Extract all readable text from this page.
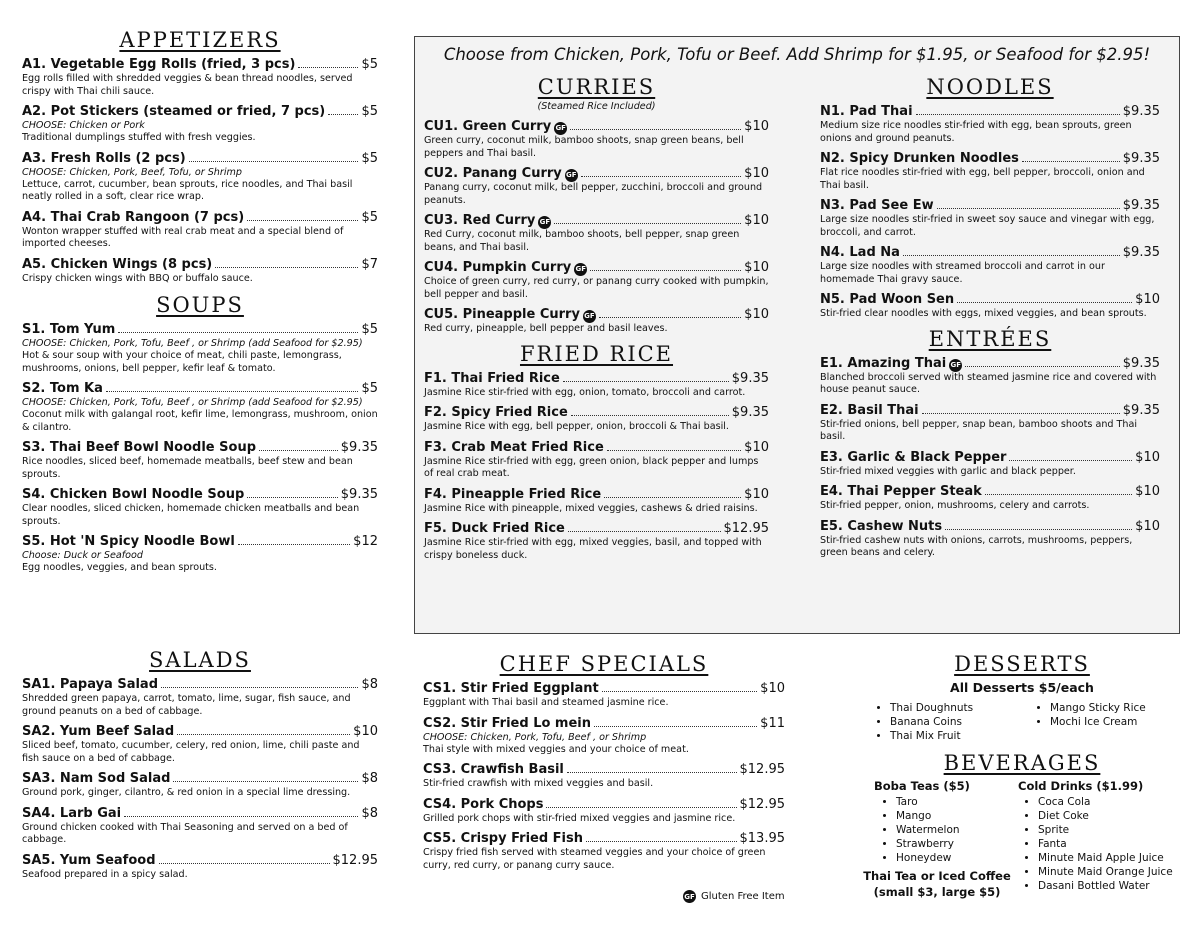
APPETIZERS
A1. Vegetable Egg Rolls (fried, 3 pcs)	$5
Egg rolls filled with shredded veggies & bean thread noodles, served crispy with Thai chili sauce.
A2. Pot Stickers (steamed or fried, 7 pcs)	$5
CHOOSE: Chicken or Pork
Traditional dumplings stuffed with fresh veggies.
A3. Fresh Rolls (2 pcs)	$5
CHOOSE: Chicken, Pork, Beef, Tofu, or Shrimp
Lettuce, carrot, cucumber, bean sprouts, rice noodles, and Thai basil neatly rolled in a soft, clear rice wrap.
A4. Thai Crab Rangoon (7 pcs)	$5
Wonton wrapper stuffed with real crab meat and a special blend of imported cheeses.
A5. Chicken Wings (8 pcs)	$7
Crispy chicken wings with BBQ or buffalo sauce.
SOUPS
S1. Tom Yum	$5
CHOOSE: Chicken, Pork, Tofu, Beef , or Shrimp (add Seafood for $2.95)
Hot & sour soup with your choice of meat, chili paste, lemongrass, mushrooms, onions, bell pepper, kefir leaf & tomato.
S2. Tom Ka	$5
CHOOSE: Chicken, Pork, Tofu, Beef , or Shrimp (add Seafood for $2.95)
Coconut milk with galangal root, kefir lime, lemongrass, mushroom, onion & cilantro.
S3. Thai Beef Bowl Noodle Soup	$9.35
Rice noodles, sliced beef, homemade meatballs, beef stew and bean sprouts.
S4. Chicken Bowl Noodle Soup	$9.35
Clear noodles, sliced chicken, homemade chicken meatballs and bean sprouts.
S5. Hot 'N Spicy Noodle Bowl	$12
Choose: Duck or Seafood
Egg noodles, veggies, and bean sprouts.
SALADS
SA1. Papaya Salad	$8
Shredded green papaya, carrot, tomato, lime, sugar, fish sauce, and ground peanuts on a bed of cabbage.
SA2. Yum Beef Salad	$10
Sliced beef, tomato, cucumber, celery, red onion, lime, chili paste and fish sauce on a bed of cabbage.
SA3. Nam Sod Salad	$8
Ground pork, ginger, cilantro, & red onion in a special lime dressing.
SA4. Larb Gai	$8
Ground chicken cooked with Thai Seasoning and served on a bed of cabbage.
SA5. Yum Seafood	$12.95
Seafood prepared in a spicy salad.
Choose from Chicken, Pork, Tofu or Beef. Add Shrimp for $1.95, or Seafood for $2.95!
CURRIES
(Steamed Rice Included)
CU1. Green Curry GF	$10
Green curry, coconut milk, bamboo shoots, snap green beans, bell peppers and Thai basil.
CU2. Panang Curry GF	$10
Panang curry, coconut milk, bell pepper, zucchini, broccoli and ground peanuts.
CU3. Red Curry GF	$10
Red Curry, coconut milk, bamboo shoots, bell pepper, snap green beans, and Thai basil.
CU4. Pumpkin Curry GF	$10
Choice of green curry, red curry, or panang curry cooked with pumpkin, bell pepper and basil.
CU5. Pineapple Curry GF	$10
Red curry, pineapple, bell pepper and basil leaves.
FRIED RICE
F1. Thai Fried Rice	$9.35
Jasmine Rice stir-fried with egg, onion, tomato, broccoli and carrot.
F2. Spicy Fried Rice	$9.35
Jasmine Rice with egg, bell pepper, onion, broccoli & Thai basil.
F3. Crab Meat Fried Rice	$10
Jasmine Rice stir-fried with egg, green onion, black pepper and lumps of real crab meat.
F4. Pineapple Fried Rice	$10
Jasmine Rice with pineapple, mixed veggies, cashews & dried raisins.
F5. Duck Fried Rice	$12.95
Jasmine Rice stir-fried with egg, mixed veggies, basil, and topped with crispy boneless duck.
NOODLES
N1. Pad Thai	$9.35
Medium size rice noodles stir-fried with egg, bean sprouts, green onions and ground peanuts.
N2. Spicy Drunken Noodles	$9.35
Flat rice noodles stir-fried with egg, bell pepper, broccoli, onion and Thai basil.
N3. Pad See Ew	$9.35
Large size noodles stir-fried in sweet soy sauce and vinegar with egg, broccoli, and carrot.
N4. Lad Na	$9.35
Large size noodles with streamed broccoli and carrot in our homemade Thai gravy sauce.
N5. Pad Woon Sen	$10
Stir-fried clear noodles with eggs, mixed veggies, and bean sprouts.
ENTRÉES
E1. Amazing Thai GF	$9.35
Blanched broccoli served with steamed jasmine rice and covered with house peanut sauce.
E2. Basil Thai	$9.35
Stir-fried onions, bell pepper, snap bean, bamboo shoots and Thai basil.
E3. Garlic & Black Pepper	$10
Stir-fried mixed veggies with garlic and black pepper.
E4. Thai Pepper Steak	$10
Stir-fried pepper, onion, mushrooms, celery and carrots.
E5. Cashew Nuts	$10
Stir-fried cashew nuts with onions, carrots, mushrooms, peppers, green beans and celery.
CHEF SPECIALS
CS1. Stir Fried Eggplant	$10
Eggplant with Thai basil and steamed jasmine rice.
CS2. Stir Fried Lo mein	$11
CHOOSE: Chicken, Pork, Tofu, Beef , or Shrimp
Thai style with mixed veggies and your choice of meat.
CS3. Crawfish Basil	$12.95
Stir-fried crawfish with mixed veggies and basil.
CS4. Pork Chops	$12.95
Grilled pork chops with stir-fried mixed veggies and jasmine rice.
CS5. Crispy Fried Fish	$13.95
Crispy fried fish served with steamed veggies and your choice of green curry, red curry, or panang curry sauce.
GF Gluten Free Item
DESSERTS
All Desserts $5/each
• Thai Doughnuts
• Banana Coins
• Thai Mix Fruit
• Mango Sticky Rice
• Mochi Ice Cream
BEVERAGES
Boba Teas ($5)
• Taro
• Mango
• Watermelon
• Strawberry
• Honeydew
Thai Tea or Iced Coffee
(small $3, large $5)
Cold Drinks ($1.99)
• Coca Cola
• Diet Coke
• Sprite
• Fanta
• Minute Maid Apple Juice
• Minute Maid Orange Juice
• Dasani Bottled Water
